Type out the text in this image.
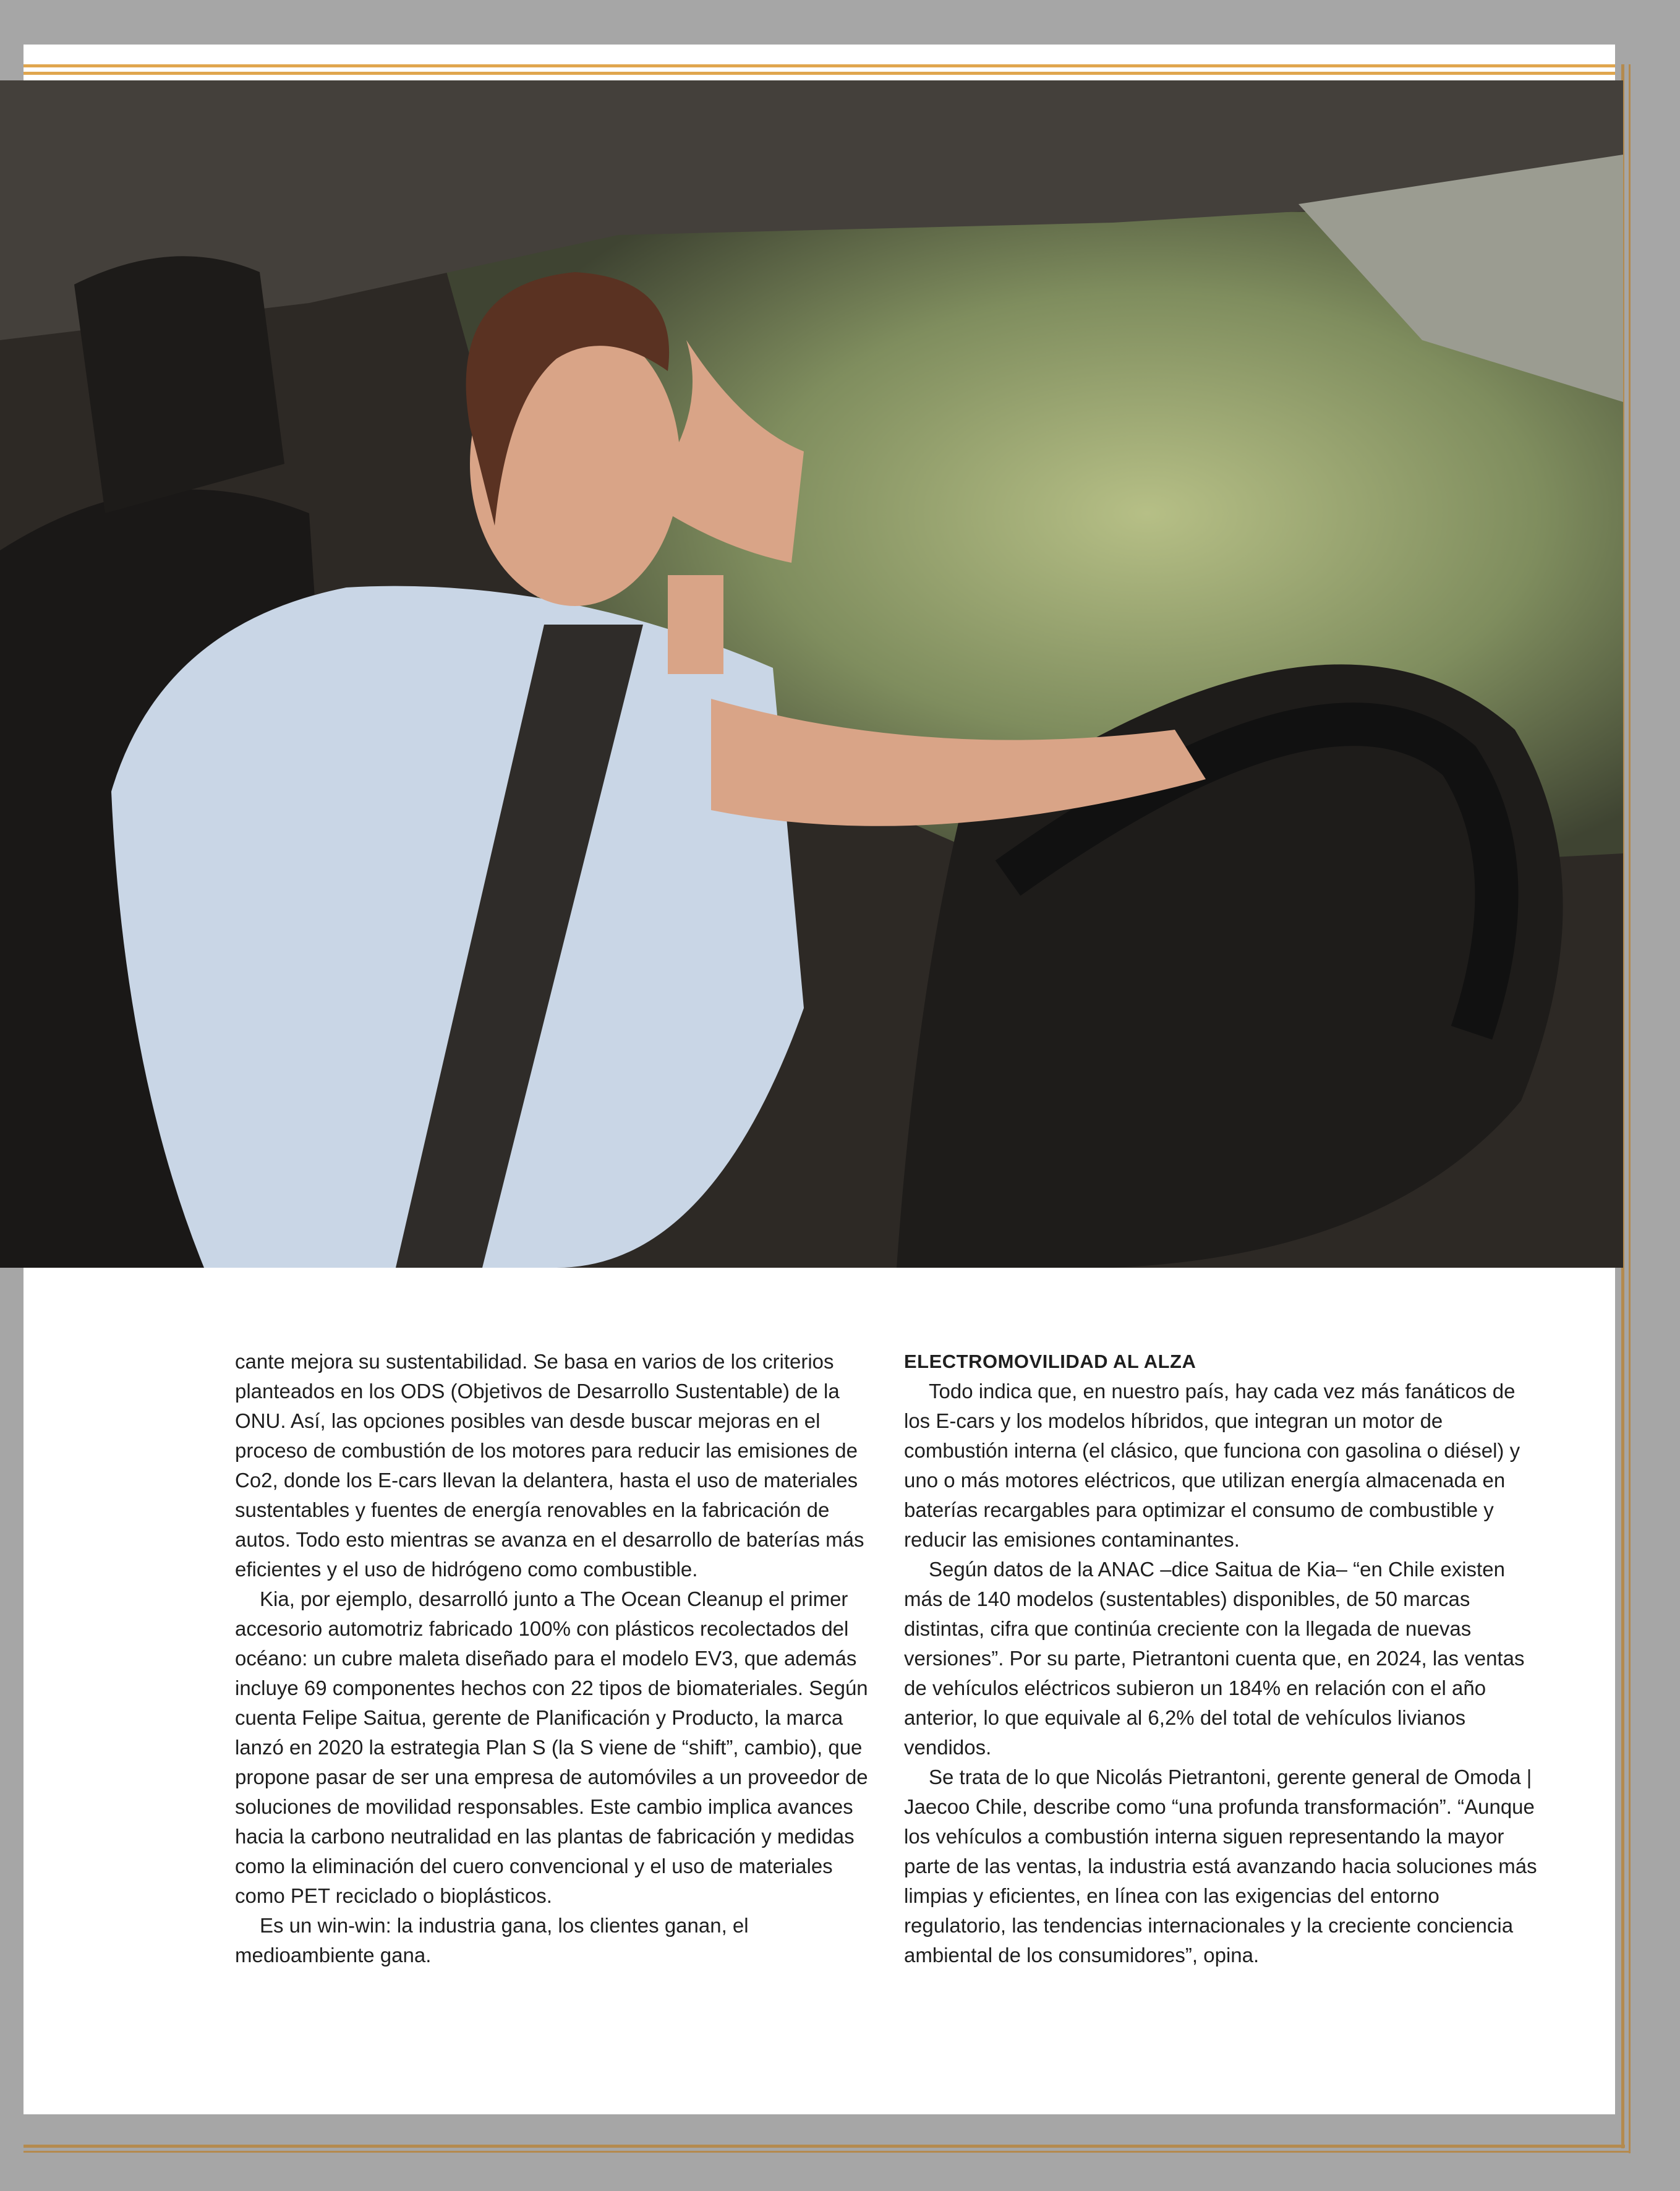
cante mejora su sustentabilidad. Se basa en varios de los criterios planteados en los ODS (Objetivos de Desarrollo Sustentable) de la ONU. Así, las opciones posibles van desde buscar mejoras en el proceso de combustión de los motores para reducir las emisiones de Co2, donde los E-cars llevan la delantera, hasta el uso de materiales sustentables y fuentes de energía renovables en la fabricación de autos. Todo esto mientras se avanza en el desarrollo de baterías más eficientes y el uso de hidrógeno como combustible.

Kia, por ejemplo, desarrolló junto a The Ocean Cleanup el primer accesorio automotriz fabricado 100% con plásticos recolectados del océano: un cubre maleta diseñado para el modelo EV3, que además incluye 69 componentes hechos con 22 tipos de biomateriales. Según cuenta Felipe Saitua, gerente de Planificación y Producto, la marca lanzó en 2020 la estrategia Plan S (la S viene de “shift”, cambio), que propone pasar de ser una empresa de automóviles a un proveedor de soluciones de movilidad responsables. Este cambio implica avances hacia la carbono neutralidad en las plantas de fabricación y medidas como la eliminación del cuero convencional y el uso de materiales como PET reciclado o bioplásticos.

Es un win-win: la industria gana, los clientes ganan, el medioambiente gana.

ELECTROMOVILIDAD AL ALZA

Todo indica que, en nuestro país, hay cada vez más fanáticos de los E-cars y los modelos híbridos, que integran un motor de combustión interna (el clásico, que funciona con gasolina o diésel) y uno o más motores eléctricos, que utilizan energía almacenada en baterías recargables para optimizar el consumo de combustible y reducir las emisiones contaminantes.

Según datos de la ANAC –dice Saitua de Kia– “en Chile existen más de 140 modelos (sustentables) disponibles, de 50 marcas distintas, cifra que continúa creciente con la llegada de nuevas versiones”. Por su parte, Pietrantoni cuenta que, en 2024, las ventas de vehículos eléctricos subieron un 184% en relación con el año anterior, lo que equivale al 6,2% del total de vehículos livianos vendidos.

Se trata de lo que Nicolás Pietrantoni, gerente general de Omoda | Jaecoo Chile, describe como “una profunda transformación”. “Aunque los vehículos a combustión interna siguen representando la mayor parte de las ventas, la industria está avanzando hacia soluciones más limpias y eficientes, en línea con las exigencias del entorno regulatorio, las tendencias internacionales y la creciente conciencia ambiental de los consumidores”, opina.
